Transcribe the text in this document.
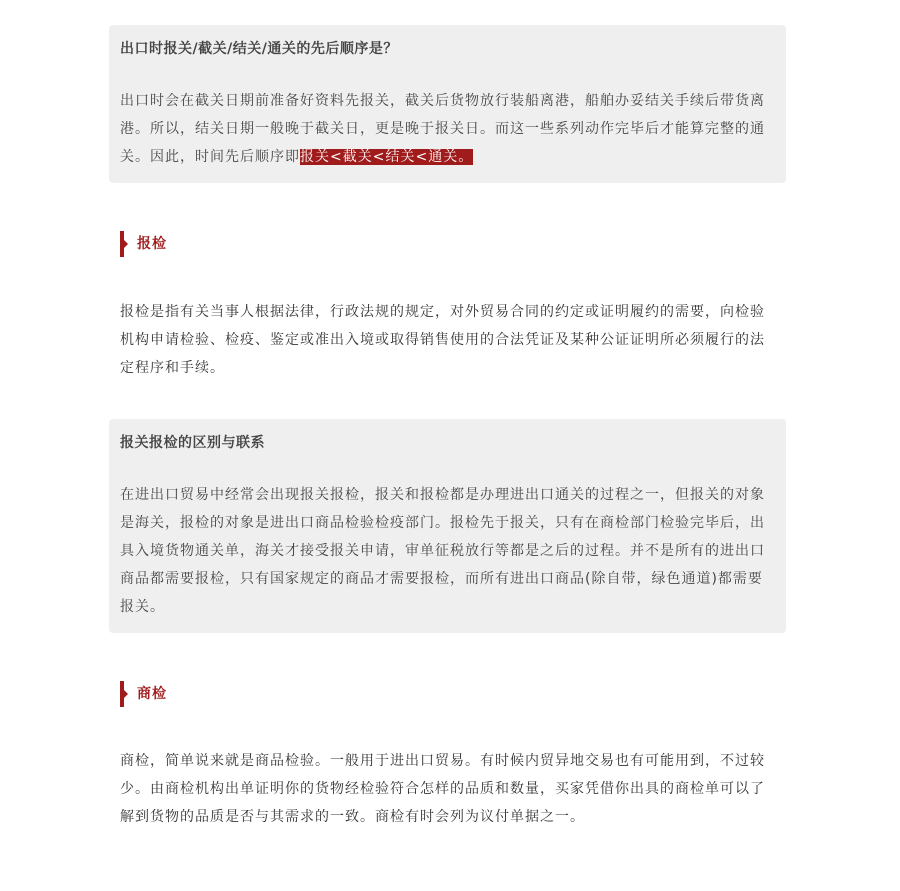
出口时报关/截关/结关/通关的先后顺序是？
出口时会在截关日期前准备好资料先报关，截关后货物放行装船离港，船舶办妥结关手续后带货离港。所以，结关日期一般晚于截关日，更是晚于报关日。而这一些系列动作完毕后才能算完整的通关。因此，时间先后顺序即报关<截关<结关<通关。
报检
报检是指有关当事人根据法律，行政法规的规定，对外贸易合同的约定或证明履约的需要，向检验机构申请检验、检疫、鉴定或准出入境或取得销售使用的合法凭证及某种公证证明所必须履行的法定程序和手续。
报关报检的区别与联系
在进出口贸易中经常会出现报关报检，报关和报检都是办理进出口通关的过程之一，但报关的对象是海关，报检的对象是进出口商品检验检疫部门。报检先于报关，只有在商检部门检验完毕后，出具入境货物通关单，海关才接受报关申请，审单征税放行等都是之后的过程。并不是所有的进出口商品都需要报检，只有国家规定的商品才需要报检，而所有进出口商品(除自带，绿色通道)都需要报关。
商检
商检，简单说来就是商品检验。一般用于进出口贸易。有时候内贸异地交易也有可能用到，不过较少。由商检机构出单证明你的货物经检验符合怎样的品质和数量，买家凭借你出具的商检单可以了解到货物的品质是否与其需求的一致。商检有时会列为议付单据之一。
